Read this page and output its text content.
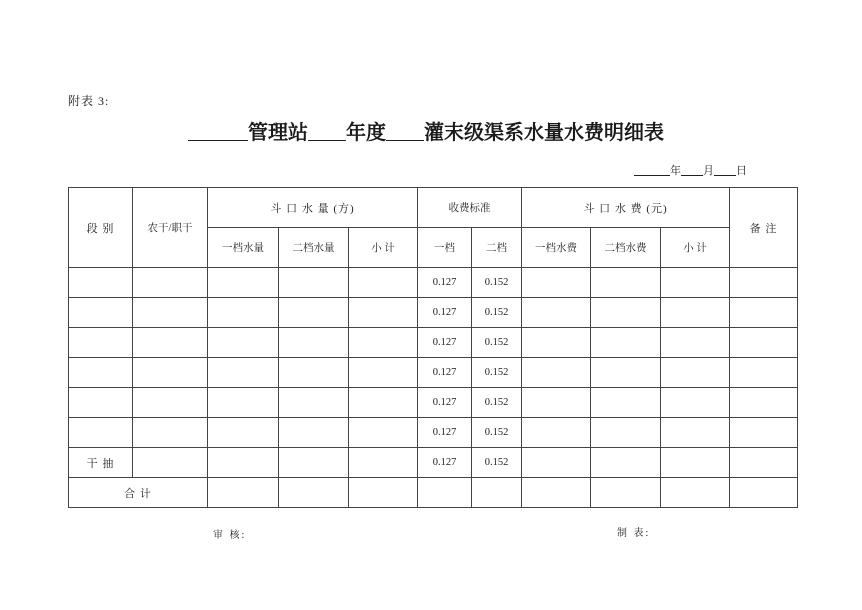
附表 3:
管理站 年度 灌末级渠系水量水费明细表
年 月 日
段 别	农干/职干	斗 口 水 量 (方)			收费标准		斗 口 水 费 (元)			备 注
		一档水量	二档水量	小 计	一档	二档	一档水费	二档水费	小 计	
					0.127	0.152				
					0.127	0.152				
					0.127	0.152				
					0.127	0.152				
					0.127	0.152				
					0.127	0.152				
干 抽					0.127	0.152				
合 计										
审 核:	制 表:
